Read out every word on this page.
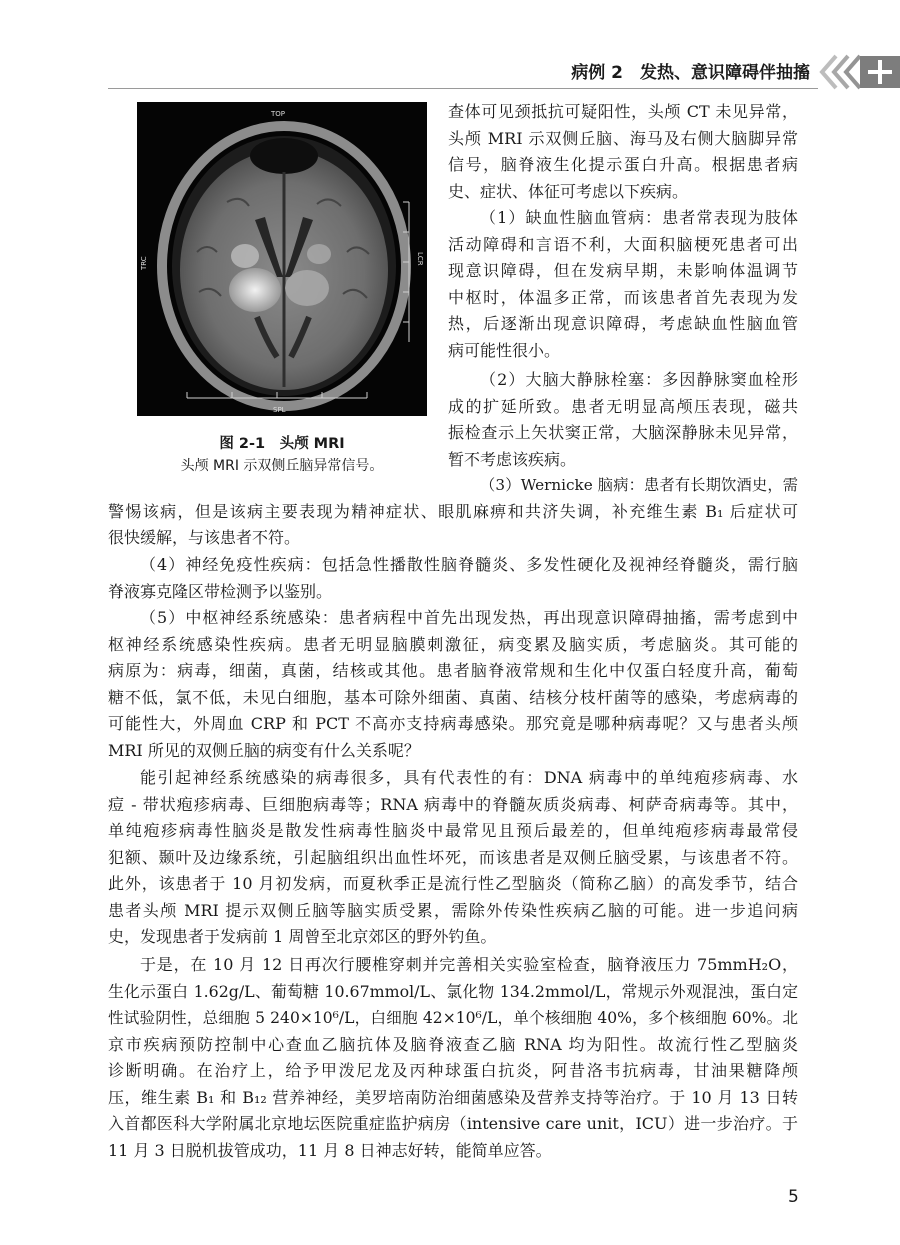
病例 2　发热、意识障碍伴抽搐
TOP
SPL
LCR
TRC
图 2-1　头颅 MRI
头颅 MRI 示双侧丘脑异常信号。

查体可见颈抵抗可疑阳性，头颅 CT 未见异常，
头颅 MRI 示双侧丘脑、海马及右侧大脑脚异常
信号，脑脊液生化提示蛋白升高。根据患者病
史、症状、体征可考虑以下疾病。

（1）缺血性脑血管病：患者常表现为肢体
活动障碍和言语不利，大面积脑梗死患者可出
现意识障碍，但在发病早期，未影响体温调节
中枢时，体温多正常，而该患者首先表现为发
热，后逐渐出现意识障碍，考虑缺血性脑血管
病可能性很小。

（2）大脑大静脉栓塞：多因静脉窦血栓形
成的扩延所致。患者无明显高颅压表现，磁共
振检查示上矢状窦正常，大脑深静脉未见异常，
暂不考虑该疾病。

（3）Wernicke 脑病：患者有长期饮酒史，需
警惕该病，但是该病主要表现为精神症状、眼肌麻痹和共济失调，补充维生素 B₁ 后症状可
很快缓解，与该患者不符。

（4）神经免疫性疾病：包括急性播散性脑脊髓炎、多发性硬化及视神经脊髓炎，需行脑
脊液寡克隆区带检测予以鉴别。

（5）中枢神经系统感染：患者病程中首先出现发热，再出现意识障碍抽搐，需考虑到中
枢神经系统感染性疾病。患者无明显脑膜刺激征，病变累及脑实质，考虑脑炎。其可能的
病原为：病毒，细菌，真菌，结核或其他。患者脑脊液常规和生化中仅蛋白轻度升高，葡萄
糖不低，氯不低，未见白细胞，基本可除外细菌、真菌、结核分枝杆菌等的感染，考虑病毒的
可能性大，外周血 CRP 和 PCT 不高亦支持病毒感染。那究竟是哪种病毒呢？又与患者头颅
MRI 所见的双侧丘脑的病变有什么关系呢？

能引起神经系统感染的病毒很多，具有代表性的有：DNA 病毒中的单纯疱疹病毒、水
痘 - 带状疱疹病毒、巨细胞病毒等；RNA 病毒中的脊髓灰质炎病毒、柯萨奇病毒等。其中，
单纯疱疹病毒性脑炎是散发性病毒性脑炎中最常见且预后最差的，但单纯疱疹病毒最常侵
犯额、颞叶及边缘系统，引起脑组织出血性坏死，而该患者是双侧丘脑受累，与该患者不符。
此外，该患者于 10 月初发病，而夏秋季正是流行性乙型脑炎（简称乙脑）的高发季节，结合
患者头颅 MRI 提示双侧丘脑等脑实质受累，需除外传染性疾病乙脑的可能。进一步追问病
史，发现患者于发病前 1 周曾至北京郊区的野外钓鱼。

于是，在 10 月 12 日再次行腰椎穿刺并完善相关实验室检查，脑脊液压力 75mmH₂O，
生化示蛋白 1.62g/L、葡萄糖 10.67mmol/L、氯化物 134.2mmol/L，常规示外观混浊，蛋白定
性试验阴性，总细胞 5 240×10⁶/L，白细胞 42×10⁶/L，单个核细胞 40%，多个核细胞 60%。北
京市疾病预防控制中心查血乙脑抗体及脑脊液查乙脑 RNA 均为阳性。故流行性乙型脑炎
诊断明确。在治疗上，给予甲泼尼龙及丙种球蛋白抗炎，阿昔洛韦抗病毒，甘油果糖降颅
压，维生素 B₁ 和 B₁₂ 营养神经，美罗培南防治细菌感染及营养支持等治疗。于 10 月 13 日转
入首都医科大学附属北京地坛医院重症监护病房（intensive care unit，ICU）进一步治疗。于
11 月 3 日脱机拔管成功，11 月 8 日神志好转，能简单应答。

5
